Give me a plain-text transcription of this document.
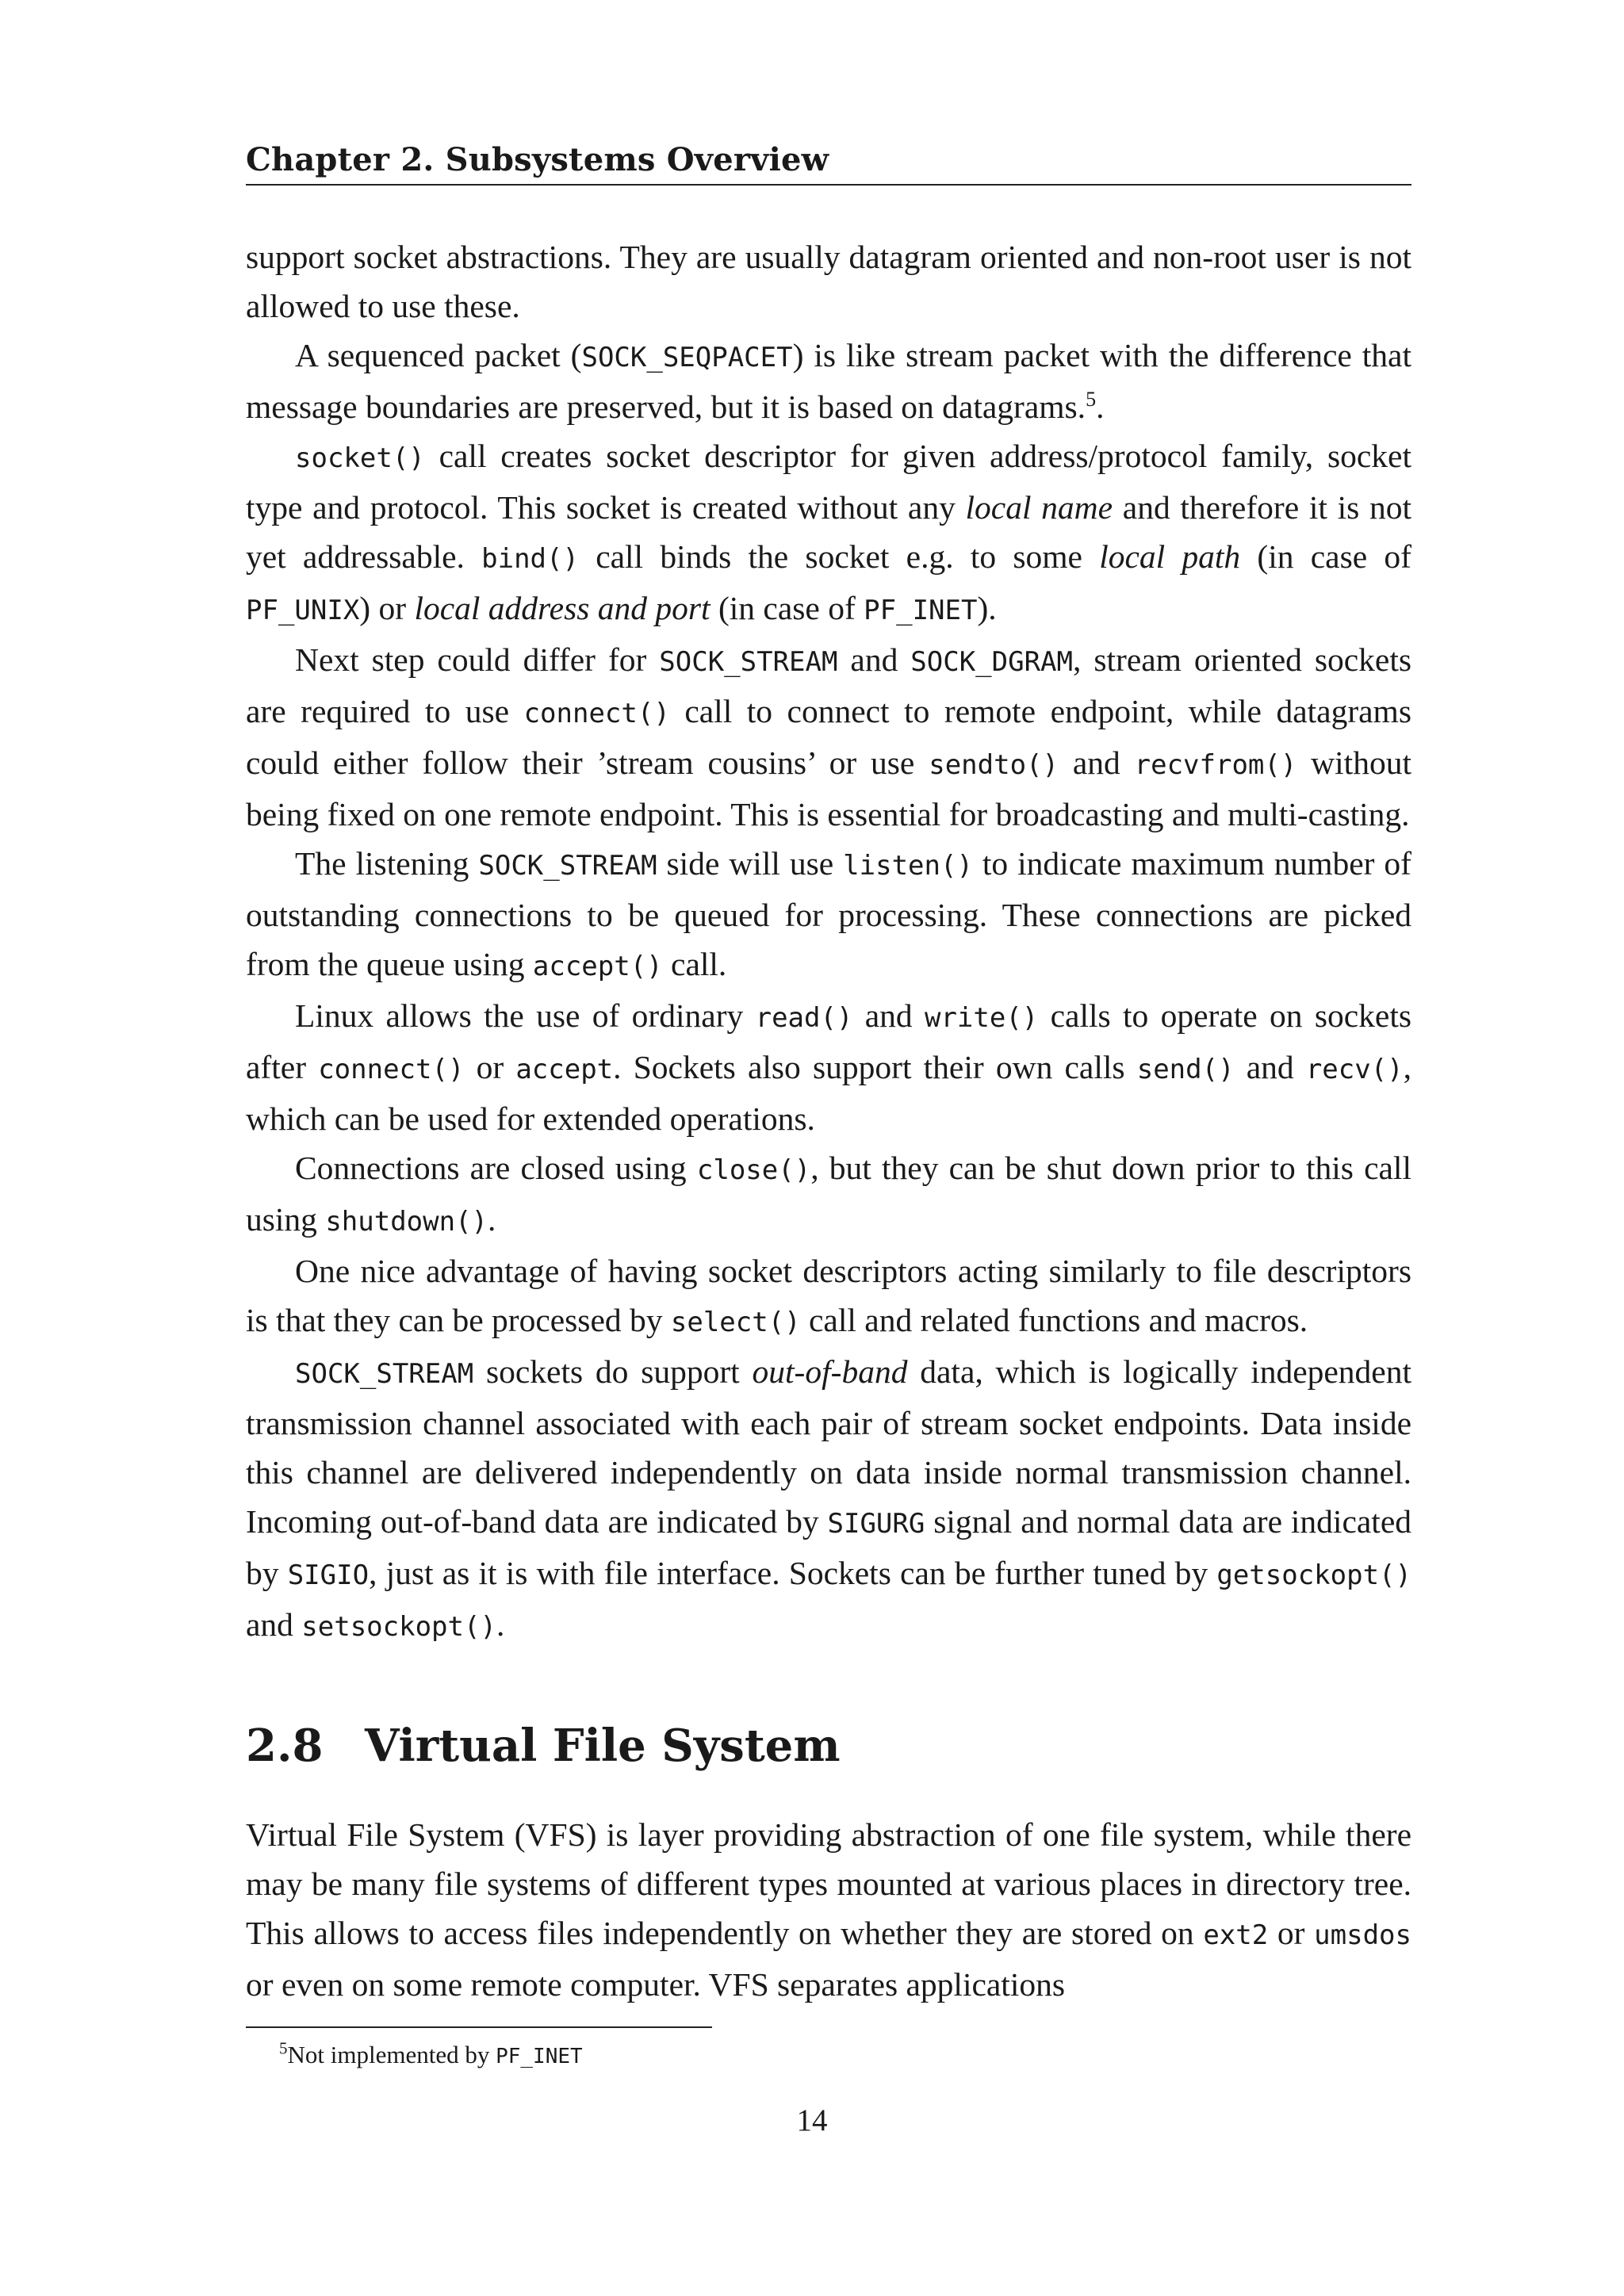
Chapter 2. Subsystems Overview

support socket abstractions. They are usually datagram oriented and non-root user is not allowed to use these.

A sequenced packet (SOCK_SEQPACET) is like stream packet with the difference that message boundaries are preserved, but it is based on datagrams.$^5$.

socket() call creates socket descriptor for given address/protocol family, socket type and protocol. This socket is created without any local name and therefore it is not yet addressable. bind() call binds the socket e.g. to some local path (in case of PF_UNIX) or local address and port (in case of PF_INET).

Next step could differ for SOCK_STREAM and SOCK_DGRAM, stream oriented sockets are required to use connect() call to connect to remote endpoint, while datagrams could either follow their ’stream cousins’ or use sendto() and recvfrom() without being fixed on one remote endpoint. This is essential for broadcasting and multi-casting.

The listening SOCK_STREAM side will use listen() to indicate maximum number of outstanding connections to be queued for processing. These connections are picked from the queue using accept() call.

Linux allows the use of ordinary read() and write() calls to operate on sockets after connect() or accept. Sockets also support their own calls send() and recv(), which can be used for extended operations.

Connections are closed using close(), but they can be shut down prior to this call using shutdown().

One nice advantage of having socket descriptors acting similarly to file descriptors is that they can be processed by select() call and related functions and macros.

SOCK_STREAM sockets do support out-of-band data, which is logically independent transmission channel associated with each pair of stream socket endpoints. Data inside this channel are delivered independently on data inside normal transmission channel. Incoming out-of-band data are indicated by SIGURG signal and normal data are indicated by SIGIO, just as it is with file interface. Sockets can be further tuned by getsockopt() and setsockopt().

2.8 Virtual File System

Virtual File System (VFS) is layer providing abstraction of one file system, while there may be many file systems of different types mounted at various places in directory tree. This allows to access files independently on whether they are stored on ext2 or umsdos or even on some remote computer. VFS separates applications

$^5$Not implemented by PF_INET
14
